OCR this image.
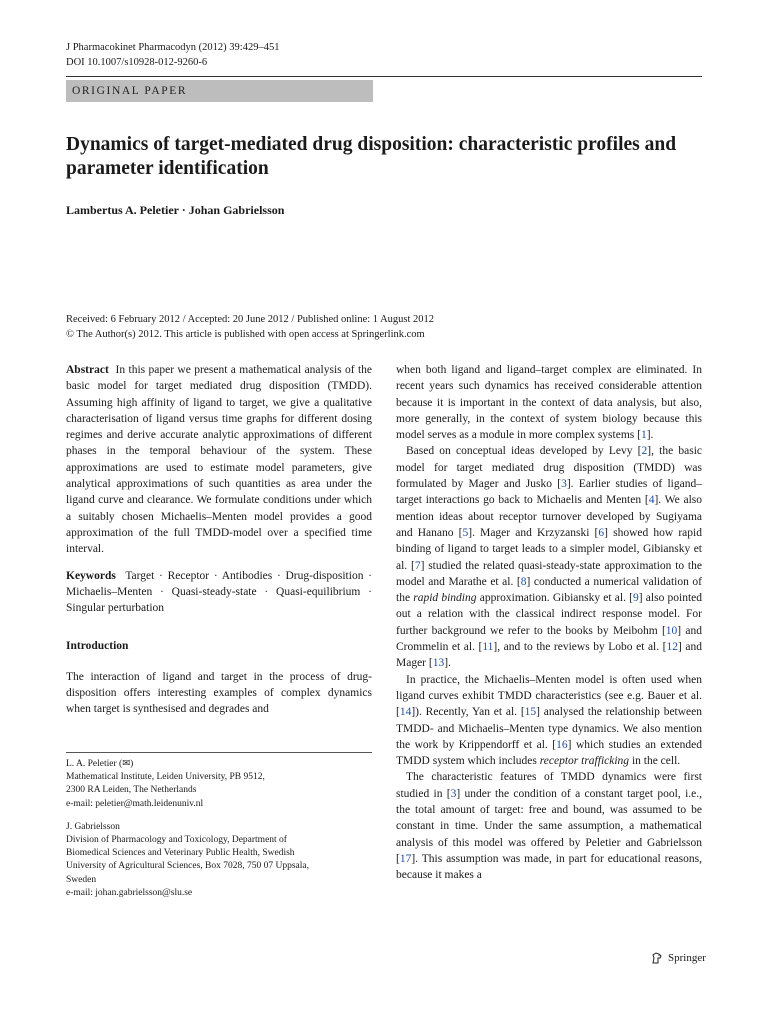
J Pharmacokinet Pharmacodyn (2012) 39:429–451
DOI 10.1007/s10928-012-9260-6
ORIGINAL PAPER
Dynamics of target-mediated drug disposition: characteristic profiles and parameter identification
Lambertus A. Peletier · Johan Gabrielsson
Received: 6 February 2012 / Accepted: 20 June 2012 / Published online: 1 August 2012
© The Author(s) 2012. This article is published with open access at Springerlink.com

Abstract In this paper we present a mathematical analysis of the basic model for target mediated drug disposition (TMDD). Assuming high affinity of ligand to target, we give a qualitative characterisation of ligand versus time graphs for different dosing regimes and derive accurate analytic approximations of different phases in the temporal behaviour of the system. These approximations are used to estimate model parameters, give analytical approximations of such quantities as area under the ligand curve and clearance. We formulate conditions under which a suitably chosen Michaelis–Menten model provides a good approximation of the full TMDD-model over a specified time interval.

Keywords Target · Receptor · Antibodies · Drug-disposition · Michaelis–Menten · Quasi-steady-state · Quasi-equilibrium · Singular perturbation

Introduction

The interaction of ligand and target in the process of drug-disposition offers interesting examples of complex dynamics when target is synthesised and degrades and

L. A. Peletier (✉)
Mathematical Institute, Leiden University, PB 9512,
2300 RA Leiden, The Netherlands
e-mail: peletier@math.leidenuniv.nl
J. Gabrielsson
Division of Pharmacology and Toxicology, Department of
Biomedical Sciences and Veterinary Public Health, Swedish
University of Agricultural Sciences, Box 7028, 750 07 Uppsala,
Sweden
e-mail: johan.gabrielsson@slu.se

when both ligand and ligand–target complex are eliminated. In recent years such dynamics has received considerable attention because it is important in the context of data analysis, but also, more generally, in the context of system biology because this model serves as a module in more complex systems [1].

Based on conceptual ideas developed by Levy [2], the basic model for target mediated drug disposition (TMDD) was formulated by Mager and Jusko [3]. Earlier studies of ligand–target interactions go back to Michaelis and Menten [4]. We also mention ideas about receptor turnover developed by Sugiyama and Hanano [5]. Mager and Krzyzanski [6] showed how rapid binding of ligand to target leads to a simpler model, Gibiansky et al. [7] studied the related quasi-steady-state approximation to the model and Marathe et al. [8] conducted a numerical validation of the rapid binding approximation. Gibiansky et al. [9] also pointed out a relation with the classical indirect response model. For further background we refer to the books by Meibohm [10] and Crommelin et al. [11], and to the reviews by Lobo et al. [12] and Mager [13].

In practice, the Michaelis–Menten model is often used when ligand curves exhibit TMDD characteristics (see e.g. Bauer et al. [14]). Recently, Yan et al. [15] analysed the relationship between TMDD- and Michaelis–Menten type dynamics. We also mention the work by Krippendorff et al. [16] which studies an extended TMDD system which includes receptor trafficking in the cell.

The characteristic features of TMDD dynamics were first studied in [3] under the condition of a constant target pool, i.e., the total amount of target: free and bound, was assumed to be constant in time. Under the same assumption, a mathematical analysis of this model was offered by Peletier and Gabrielsson [17]. This assumption was made, in part for educational reasons, because it makes a

Springer
